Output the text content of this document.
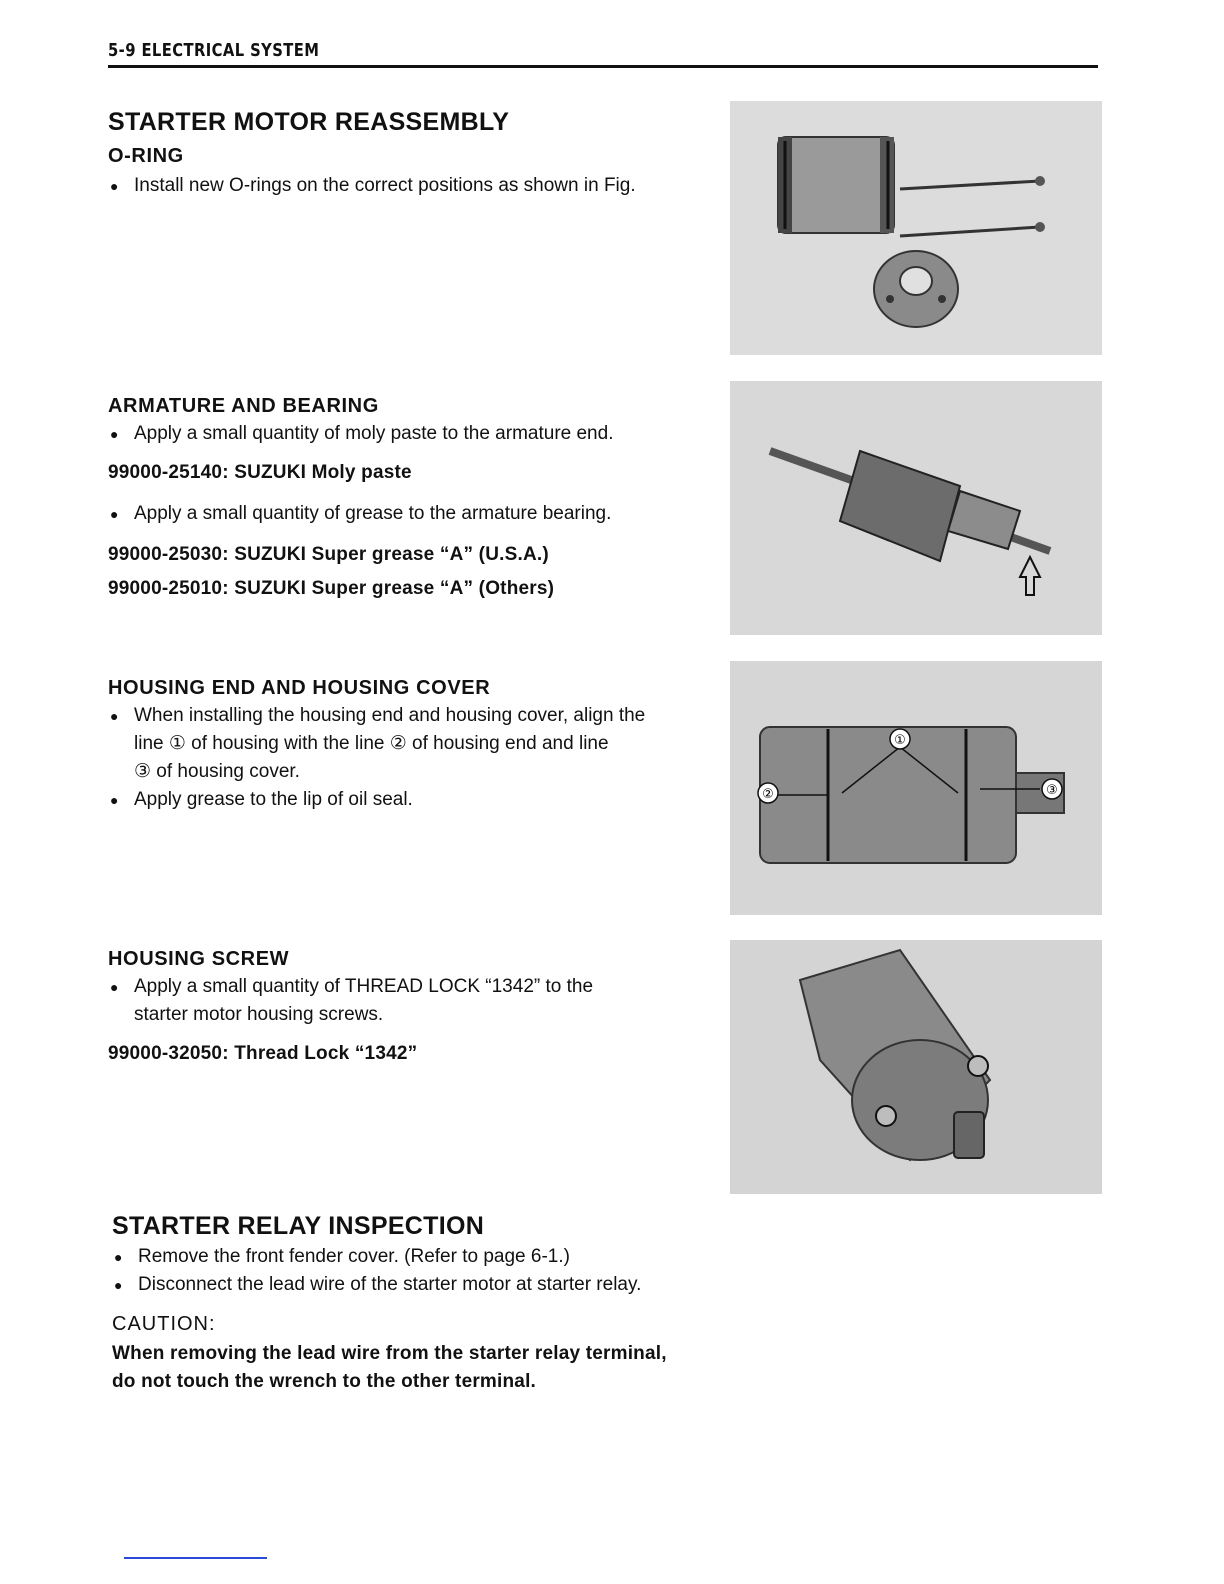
5-9 ELECTRICAL SYSTEM
STARTER MOTOR REASSEMBLY
O-RING

● Install new O-rings on the correct positions as shown in Fig.

ARMATURE AND BEARING

● Apply a small quantity of moly paste to the armature end.

99000-25140: SUZUKI Moly paste

● Apply a small quantity of grease to the armature bearing.

99000-25030: SUZUKI Super grease “A” (U.S.A.)

99000-25010: SUZUKI Super grease “A” (Others)

HOUSING END AND HOUSING COVER
● When installing the housing end and housing cover, align the
line ① of housing with the line ② of housing end and line
③ of housing cover.

● Apply grease to the lip of oil seal.

HOUSING SCREW
● Apply a small quantity of THREAD LOCK “1342” to the
starter motor housing screws.

99000-32050: Thread Lock “1342”

STARTER RELAY INSPECTION

● Remove the front fender cover. (Refer to page 6-1.)

● Disconnect the lead wire of the starter motor at starter relay.

CAUTION:

When removing the lead wire from the starter relay terminal,

do not touch the wrench to the other terminal.

①
②	③
